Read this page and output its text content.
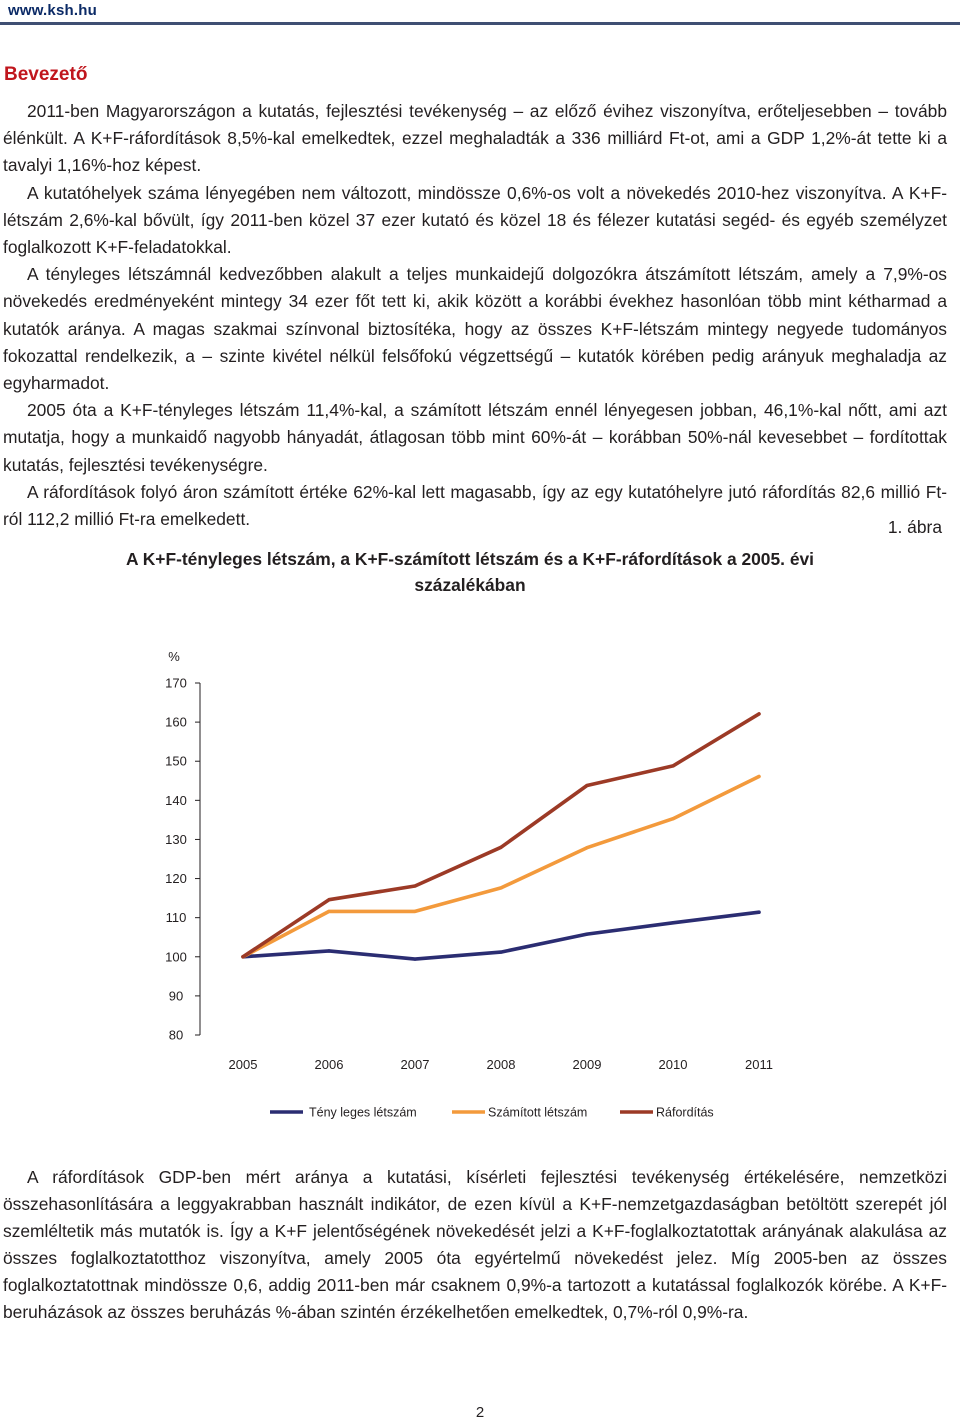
www.ksh.hu
Bevezető

2011-ben Magyarországon a kutatás, fejlesztési tevékenység – az előző évihez viszonyítva, erőteljesebben – tovább élénkült. A K+F-ráfordítások 8,5%-kal emelkedtek, ezzel meghaladták a 336 milliárd Ft-ot, ami a GDP 1,2%-át tette ki a tavalyi 1,16%-hoz képest.

A kutatóhelyek száma lényegében nem változott, mindössze 0,6%-os volt a növekedés 2010-hez viszonyítva. A K+F-létszám 2,6%-kal bővült, így 2011-ben közel 37 ezer kutató és közel 18 és félezer kutatási segéd- és egyéb személyzet foglalkozott K+F-feladatokkal.

A tényleges létszámnál kedvezőbben alakult a teljes munkaidejű dolgozókra átszámított létszám, amely a 7,9%-os növekedés eredményeként mintegy 34 ezer főt tett ki, akik között a korábbi évekhez hasonlóan több mint kétharmad a kutatók aránya. A magas szakmai színvonal biztosítéka, hogy az összes K+F-létszám mintegy negyede tudományos fokozattal rendelkezik, a – szinte kivétel nélkül felsőfokú végzettségű – kutatók körében pedig arányuk meghaladja az egyharmadot.

2005 óta a K+F-tényleges létszám 11,4%-kal, a számított létszám ennél lényegesen jobban, 46,1%-kal nőtt, ami azt mutatja, hogy a munkaidő nagyobb hányadát, átlagosan több mint 60%-át – korábban 50%-nál kevesebbet – fordítottak kutatás, fejlesztési tevékenységre.

A ráfordítások folyó áron számított értéke 62%-kal lett magasabb, így az egy kutatóhelyre jutó ráfordítás 82,6 millió Ft-ról 112,2 millió Ft-ra emelkedett.	1. ábra
A K+F-tényleges létszám, a K+F-számított létszám és a K+F-ráfordítások a 2005. évi százalékában
%
80
90
100
110
120
130
140
150
160
170
2005	2006	2007	2008	2009	2010	2011
Tény leges létszám	Számított létszám	Ráfordítás

A ráfordítások GDP-ben mért aránya a kutatási, kísérleti fejlesztési tevékenység értékelésére, nemzetközi összehasonlítására a leggyakrabban használt indikátor, de ezen kívül a K+F-nemzetgazdaságban betöltött szerepét jól szemléltetik más mutatók is. Így a K+F jelentőségének növekedését jelzi a K+F-foglalkoztatottak arányának alakulása az összes foglalkoztatotthoz viszonyítva, amely 2005 óta egyértelmű növekedést jelez. Míg 2005-ben az összes foglalkoztatottnak mindössze 0,6, addig 2011-ben már csaknem 0,9%-a tartozott a kutatással foglalkozók körébe. A K+F-beruházások az összes beruházás %-ában szintén érzékelhetően emelkedtek, 0,7%-ról 0,9%-ra.

2
